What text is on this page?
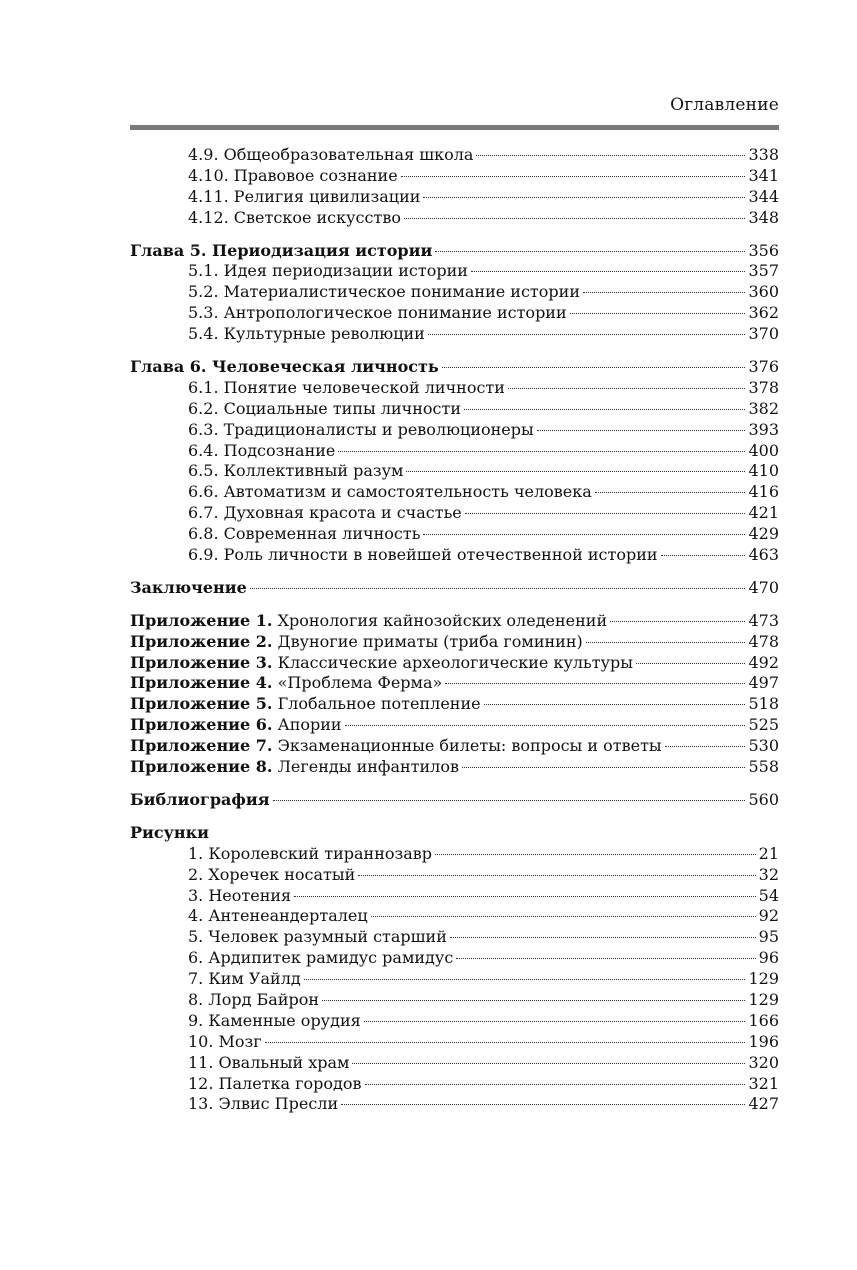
Оглавление
4.9. Общеобразовательная школа	338
4.10. Правовое сознание	341
4.11. Религия цивилизации	344
4.12. Светское искусство	348
Глава 5. Периодизация истории	356
5.1. Идея периодизации истории	357
5.2. Материалистическое понимание истории	360
5.3. Антропологическое понимание истории	362
5.4. Культурные революции	370
Глава 6. Человеческая личность	376
6.1. Понятие человеческой личности	378
6.2. Социальные типы личности	382
6.3. Традиционалисты и революционеры	393
6.4. Подсознание	400
6.5. Коллективный разум	410
6.6. Автоматизм и самостоятельность человека	416
6.7. Духовная красота и счастье	421
6.8. Современная личность	429
6.9. Роль личности в новейшей отечественной истории	463
Заключение	470
Приложение 1. Хронология кайнозойских оледенений	473
Приложение 2. Двуногие приматы (триба гоминин)	478
Приложение 3. Классические археологические культуры	492
Приложение 4. «Проблема Ферма»	497
Приложение 5. Глобальное потепление	518
Приложение 6. Апории	525
Приложение 7. Экзаменационные билеты: вопросы и ответы	530
Приложение 8. Легенды инфантилов	558
Библиография	560
Рисунки
1. Королевский тираннозавр	21
2. Хоречек носатый	32
3. Неотения	54
4. Антенеандерталец	92
5. Человек разумный старший	95
6. Ардипитек рамидус рамидус	96
7. Ким Уайлд	129
8. Лорд Байрон	129
9. Каменные орудия	166
10. Мозг	196
11. Овальный храм	320
12. Палетка городов	321
13. Элвис Пресли	427
